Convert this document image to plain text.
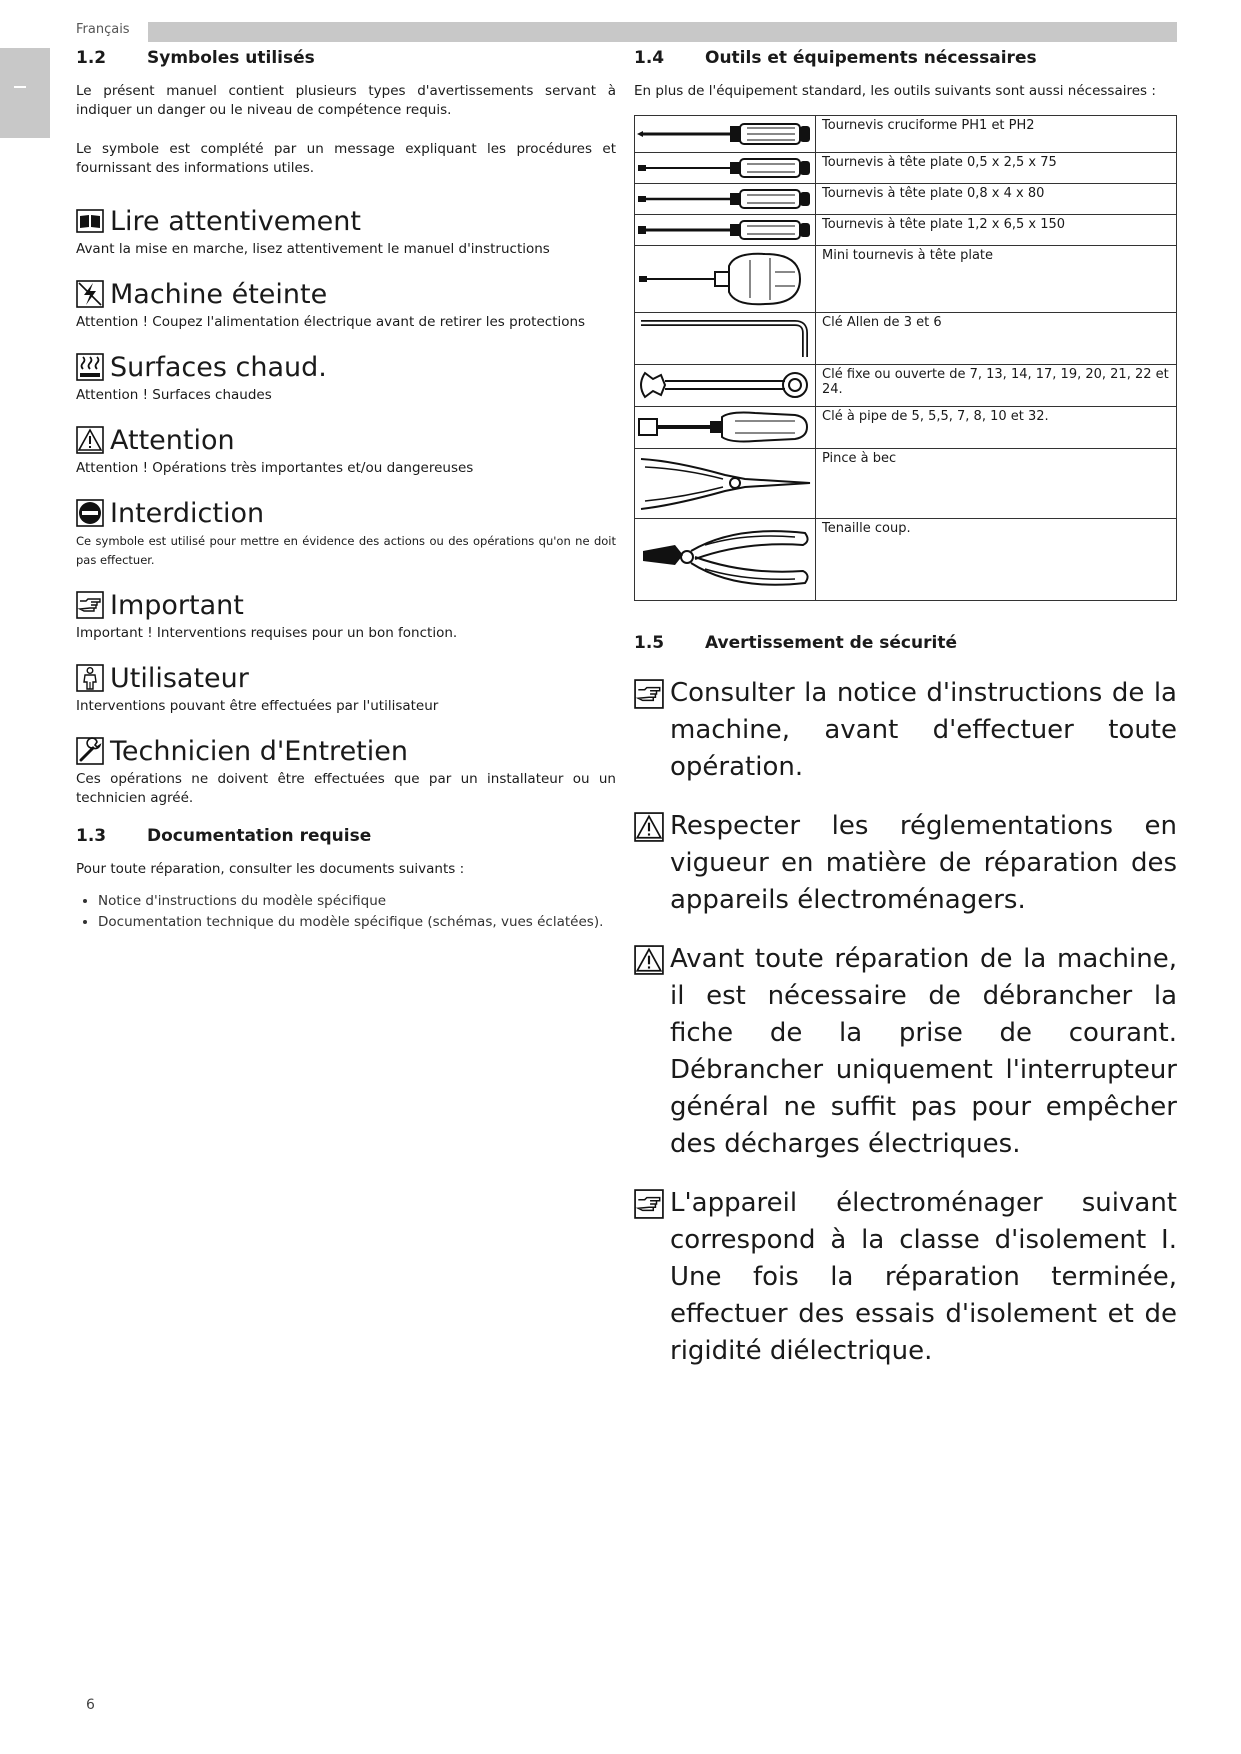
Français
1.2	Symboles utilisés

Le présent manuel contient plusieurs types d'avertissements servant à indiquer un danger ou le niveau de compétence requis.

Le symbole est complété par un message expliquant les procédures et fournissant des informations utiles.

Lire attentivement
Avant la mise en marche, lisez attentivement le manuel d'instructions
Machine éteinte
Attention ! Coupez l'alimentation électrique avant de retirer les protections
Surfaces chaud.
Attention ! Surfaces chaudes
Attention
Attention ! Opérations très importantes et/ou dangereuses
Interdiction
Ce symbole est utilisé pour mettre en évidence des actions ou des opérations qu'on ne doit pas effectuer.
Important
Important ! Interventions requises pour un bon fonction.
Utilisateur
Interventions pouvant être effectuées par l'utilisateur
Technicien d'Entretien
Ces opérations ne doivent être effectuées que par un installateur ou un technicien agréé.
1.3	Documentation requise

Pour toute réparation, consulter les documents suivants :

• Notice d'instructions du modèle spécifique
• Documentation technique du modèle spécifique (schémas, vues éclatées).
1.4	Outils et équipements nécessaires

En plus de l'équipement standard, les outils suivants sont aussi nécessaires :

	Tournevis cruciforme PH1 et PH2

	Tournevis à tête plate 0,5 x 2,5 x 75

	Tournevis à tête plate 0,8 x 4 x 80

	Tournevis à tête plate 1,2 x 6,5 x 150

	Mini tournevis à tête plate

	Clé Allen de 3 et 6

	Clé fixe ou ouverte de 7, 13, 14, 17, 19, 20, 21, 22 et 24.

	Clé à pipe de 5, 5,5, 7, 8, 10 et 32.

	Pince à bec

	Tenaille coup.
1.5	Avertissement de sécurité
Consulter la notice d'instructions de la machine, avant d'effectuer toute opération.
Respecter les réglementations en vigueur en matière de réparation des appareils électroménagers.
Avant toute réparation de la machine, il est nécessaire de débrancher la fiche de la prise de courant. Débrancher uniquement l'interrupteur général ne suffit pas pour empêcher des décharges électriques.
L'appareil électroménager suivant correspond à la classe d'isolement I. Une fois la réparation terminée, effectuer des essais d'isolement et de rigidité diélectrique.
6
